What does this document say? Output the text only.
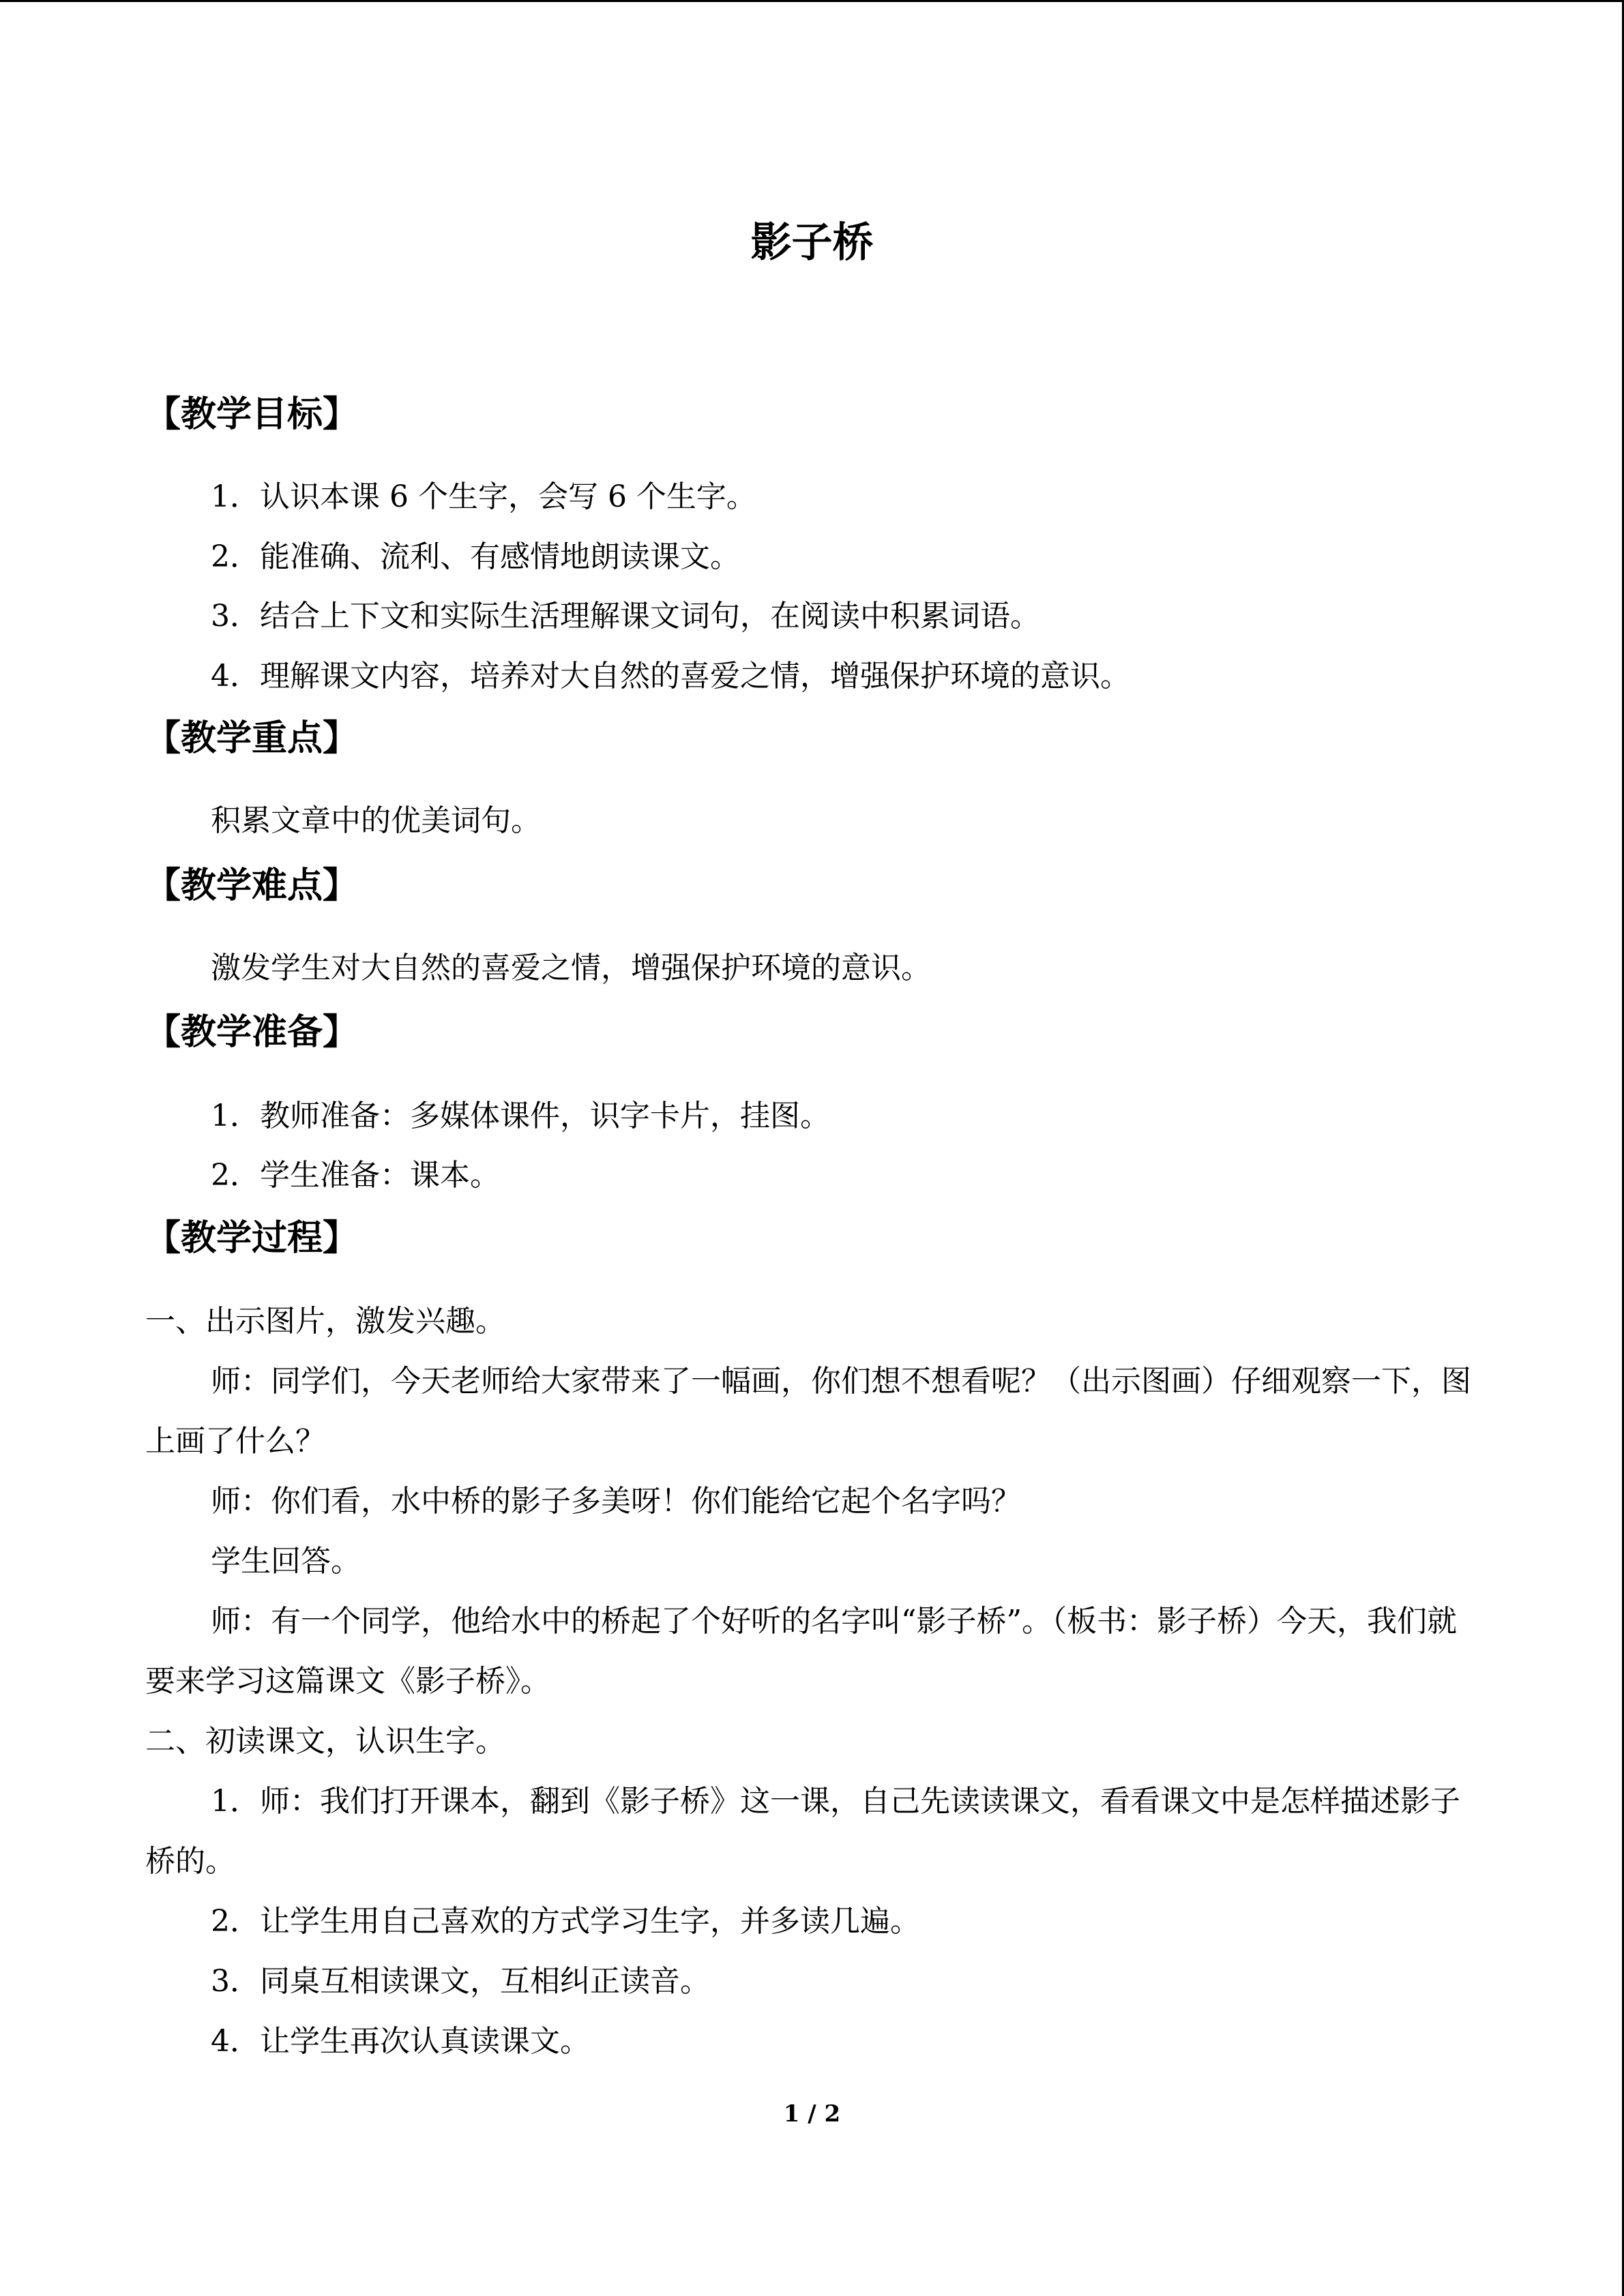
影子桥
【教学目标】
1．认识本课 6 个生字，会写 6 个生字。
2．能准确、流利、有感情地朗读课文。
3．结合上下文和实际生活理解课文词句，在阅读中积累词语。
4．理解课文内容，培养对大自然的喜爱之情，增强保护环境的意识。
【教学重点】
积累文章中的优美词句。
【教学难点】
激发学生对大自然的喜爱之情，增强保护环境的意识。
【教学准备】
1．教师准备：多媒体课件，识字卡片，挂图。
2．学生准备：课本。
【教学过程】
一、出示图片，激发兴趣。
师：同学们，今天老师给大家带来了一幅画，你们想不想看呢？（出示图画）仔细观察一下，图上画了什么？
师：你们看，水中桥的影子多美呀！你们能给它起个名字吗？
学生回答。
师：有一个同学，他给水中的桥起了个好听的名字叫“影子桥”。（板书：影子桥）今天，我们就要来学习这篇课文《影子桥》。
二、初读课文，认识生字。
1．师：我们打开课本，翻到《影子桥》这一课，自己先读读课文，看看课文中是怎样描述影子桥的。
2．让学生用自己喜欢的方式学习生字，并多读几遍。
3．同桌互相读课文，互相纠正读音。
4．让学生再次认真读课文。
1 / 2
